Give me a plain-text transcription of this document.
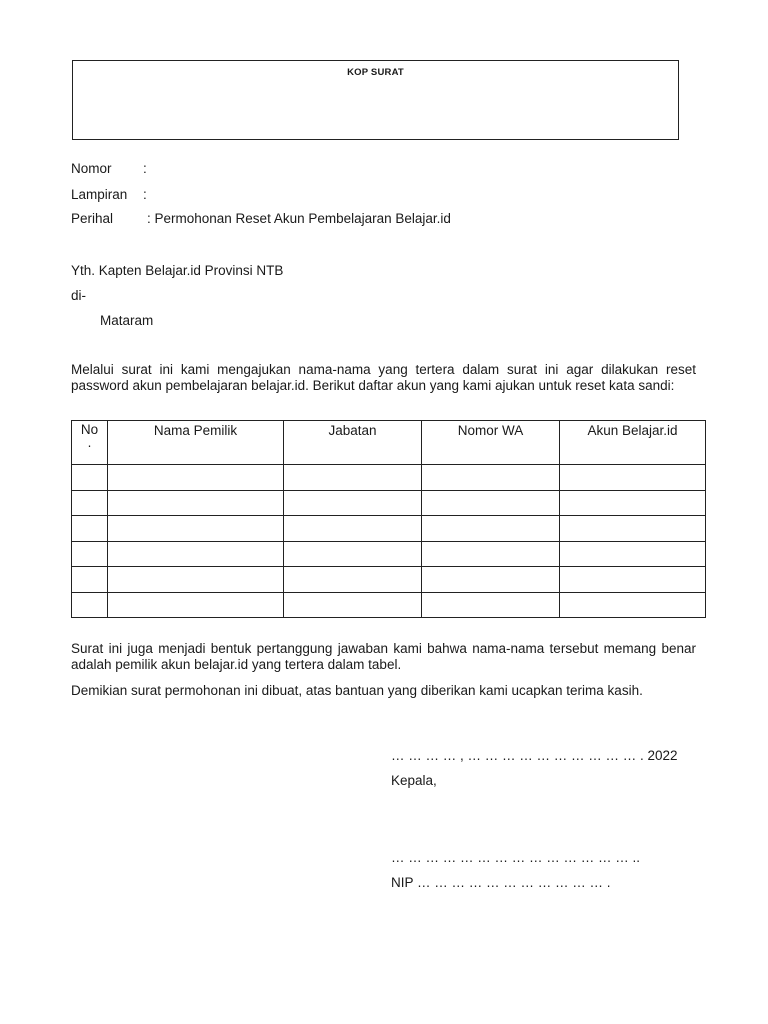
KOP SURAT
Nomor :
Lampiran :
Perihal	: Permohonan Reset Akun Pembelajaran Belajar.id
Yth. Kapten Belajar.id Provinsi NTB
di-
Mataram
Melalui surat ini kami mengajukan nama-nama yang tertera dalam surat ini agar dilakukan reset password akun pembelajaran belajar.id. Berikut daftar akun yang kami ajukan untuk reset kata sandi:
No
.	Nama Pemilik	Jabatan	Nomor WA	Akun Belajar.id

Surat ini juga menjadi bentuk pertanggung jawaban kami bahwa nama-nama tersebut memang benar adalah pemilik akun belajar.id yang tertera dalam tabel.
Demikian surat permohonan ini dibuat, atas bantuan yang diberikan kami ucapkan terima kasih.
… … … … , … … … … … … … … … … . 2022
Kepala,
… … … … … … … … … … … … … … ..
NIP … … … … … … … … … … … .
